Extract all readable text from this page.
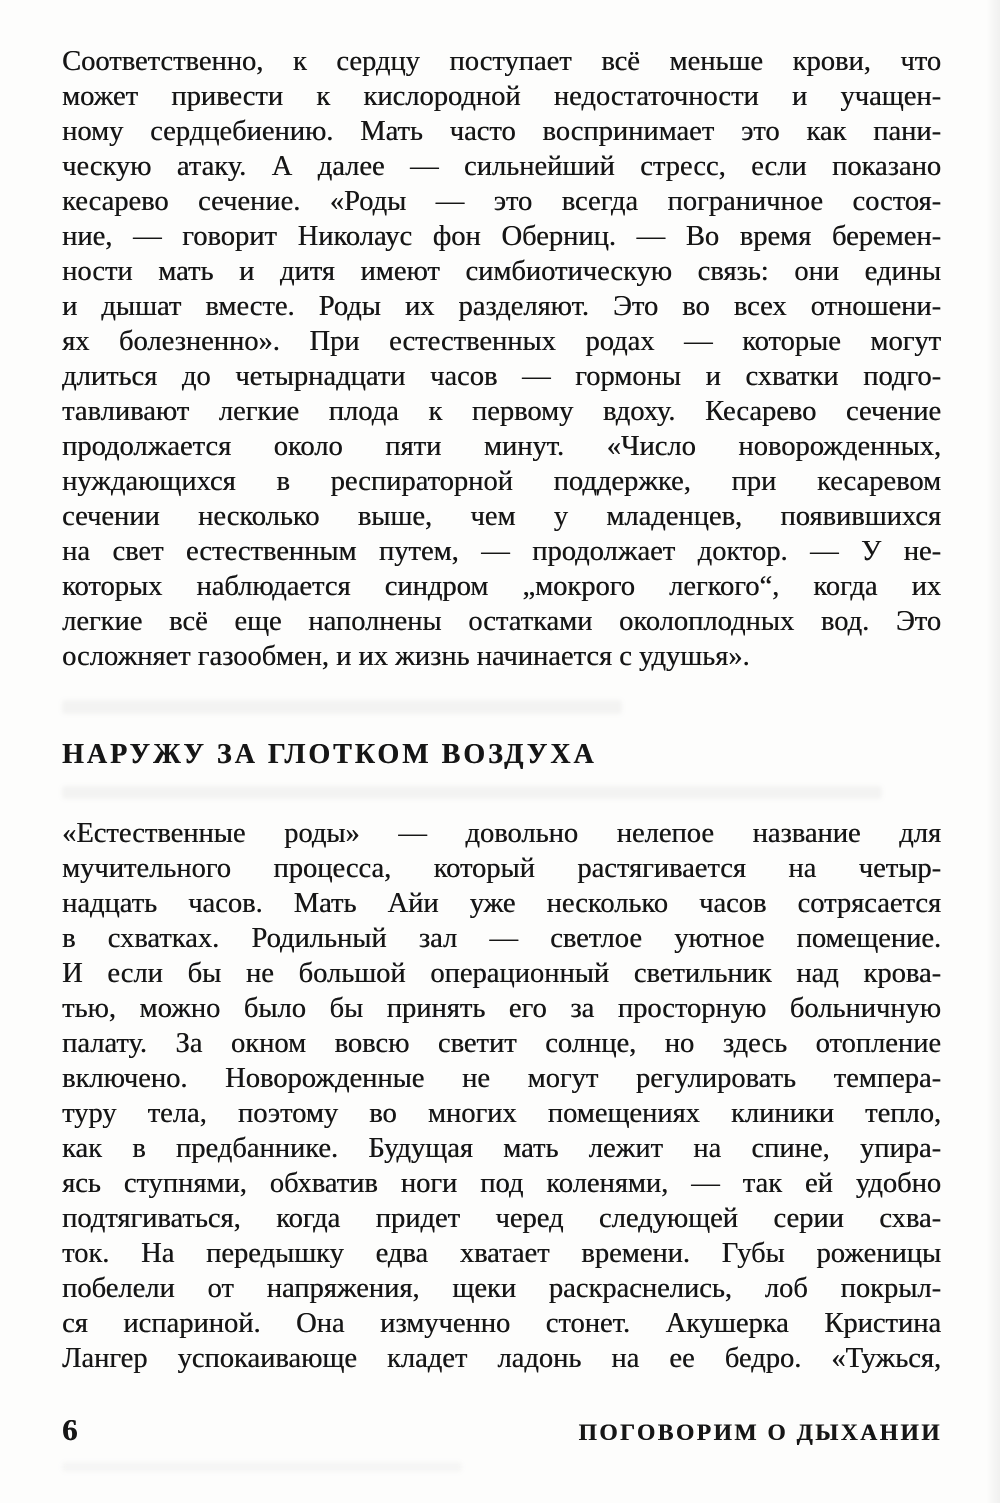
Соответственно, к сердцу поступает всё меньше крови, что

может привести к кислородной недостаточности и учащен-

ному сердцебиению. Мать часто воспринимает это как пани-

ческую атаку. А далее — сильнейший стресс, если показано

кесарево сечение. «Роды — это всегда пограничное состоя-

ние, — говорит Николаус фон Оберниц. — Во время беремен-

ности мать и дитя имеют симбиотическую связь: они едины

и дышат вместе. Роды их разделяют. Это во всех отношени-

ях болезненно». При естественных родах — которые могут

длиться до четырнадцати часов — гормоны и схватки подго-

тавливают легкие плода к первому вдоху. Кесарево сечение

продолжается около пяти минут. «Число новорожденных,

нуждающихся в респираторной поддержке, при кесаревом

сечении несколько выше, чем у младенцев, появившихся

на свет естественным путем, — продолжает доктор. — У не-

которых наблюдается синдром „мокрого легкого“, когда их

легкие всё еще наполнены остатками околоплодных вод. Это

осложняет газообмен, и их жизнь начинается с удушья».

НАРУЖУ ЗА ГЛОТКОМ ВОЗДУХА

«Естественные роды» — довольно нелепое название для

мучительного процесса, который растягивается на четыр-

надцать часов. Мать Айи уже несколько часов сотрясается

в схватках. Родильный зал — светлое уютное помещение.

И если бы не большой операционный светильник над крова-

тью, можно было бы принять его за просторную больничную

палату. За окном вовсю светит солнце, но здесь отопление

включено. Новорожденные не могут регулировать темпера-

туру тела, поэтому во многих помещениях клиники тепло,

как в предбаннике. Будущая мать лежит на спине, упира-

ясь ступнями, обхватив ноги под коленями, — так ей удобно

подтягиваться, когда придет черед следующей серии схва-

ток. На передышку едва хватает времени. Губы роженицы

побелели от напряжения, щеки раскраснелись, лоб покрыл-

ся испариной. Она измученно стонет. Акушерка Кристина

Лангер успокаивающе кладет ладонь на ее бедро. «Тужься,

6	ПОГОВОРИМ О ДЫХАНИИ
